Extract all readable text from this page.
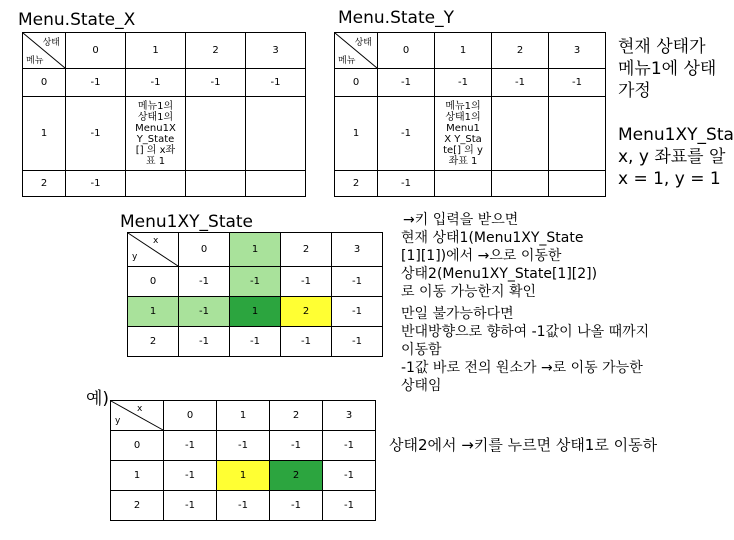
Menu.State_X	Menu.State_Y
상태
메뉴	0	1	2	3
0	-1	-1	-1	-1
1	-1	메뉴1의 상태1의 Menu1X Y_State[] 의 x좌표 1		
2	-1			
상태
메뉴	0	1	2	3
0	-1	-1	-1	-1
1	-1	메뉴1의 상태1의 Menu1X Y_State[] 의 y좌표 1		
2	-1			
현재 상태가
메뉴1에 상태
가정
Menu1XY_Sta
x, y 좌표를 알
x = 1, y = 1
Menu1XY_State
x
y	0	1	2	3
0	-1	-1	-1	-1
1	-1	1	2	-1
2	-1	-1	-1	-1
→키 입력을 받으면
현재 상태1(Menu1XY_State
[1][1])에서 →으로 이동한
상태2(Menu1XY_State[1][2])
로 이동 가능한지 확인
만일 불가능하다면
반대방향으로 향하여 -1값이 나올 때까지
이동함
-1값 바로 전의 원소가 →로 이동 가능한
상태임
예)	x
y	0	1	2	3
0	-1	-1	-1	-1
1	-1	1	2	-1
2	-1	-1	-1	-1
상태2에서 →키를 누르면 상태1로 이동하
